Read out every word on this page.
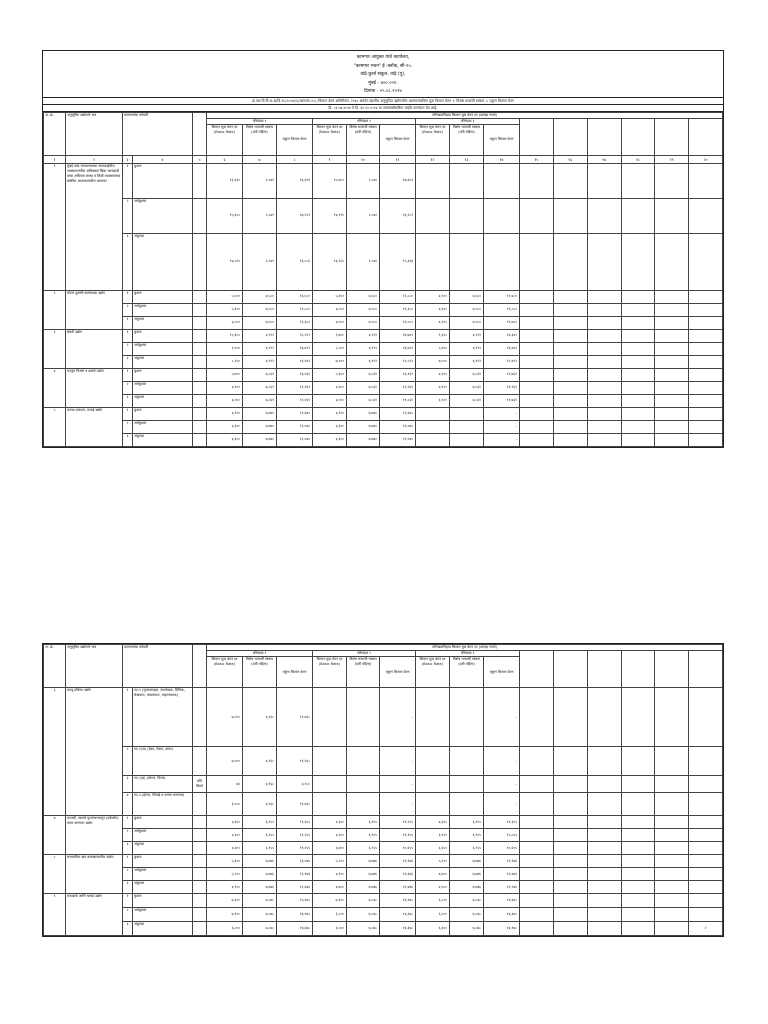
कामगार आयुक्त यांचे कार्यालय,
"कामगार भवन" ई -ब्लॉक, सी-२०,
वांद्रे-कुर्ला संकुल, वांद्रे (पु),
मुंबई - ४०० ०५१.
दिनांक - ०५.०८.२०२४
क्र.एस.वि.वि.भ.अ/वि.भ./२०२४(१)/कामगार-१०/ /किमान वेतन अधिनियम, १९४८ अंतर्गत खालील अनुसूचित उद्योगातील कामगारांकरिता मूळ किमान वेतन + विशेष भत्याची रक्कम = एकूण किमान वेतन
दि. ०१.०७.२०२४ ते दि. ३१.१२.२०२४ या कालावधीकरिता जाहीर करण्यात येत आहे.
अ. क्र.	अनुसूचित उद्योगाचे नाव	कामगारांचा वर्गवारी			परिमंडळनिहाय किमान मूळ वेतन दर (दरमहा रुपये)														
					परिमंडळ १			परिमंडळ २			परिमंडळ ३								
					किमान मूळ वेतन दर (Basic Rate)	विशेष भत्याची रक्कम (प्रती महिना)	एकूण किमान वेतन	किमान मूळ वेतन दर (Basic Rate)	विशेष भत्याची रक्कम (प्रती महिना)	एकूण किमान वेतन	किमान मूळ वेतन दर (Basic Rate)	विशेष भत्याची रक्कम (प्रती महिना)	एकूण किमान वेतन						
१	२	३	४	५	६	७	८	९	१०	११	१२	१३	१४	१५	१६	१७	१८	१९	२०
१	मुंबई उच्च न्यायालयाच्या न्यायकक्षेतील आस्थापनांतील अधिवक्ता किंवा न्यायवादी यांचा अधिपत्य संस्था व किंवी व्यवसायांच्या संबंधित आस्थापनांतील कामगार	१	कुशल		१६,६३०	२,८७१	१६,६११	१५,७८०	२,८७१	१७,६५१									
		२	अर्धकुशल		१५,३५०	२,८७१	१७,२२१	१४,११०	२,८७१	१६,९८१									
		३	अकुशल		१४,०१५	२,८७१	१६,८८६	१३,२६५	२,८७१	१५,३३६									
२	मोटार दुरुस्ती कार्यशाळा उद्योग	१	कुशल		५,५००	७,५८०	१३,०८०	५,३००	७,५८०	१२,८८०	४,९००	७,५८०	१२,४८०						
		२	अर्धकुशल		५,३००	७,५८०	१२,८८०	४,८००	७,५८०	१२,३८०	४,३००	७,५८०	११,८८०						
		३	अकुशल		४,८००	७,५८०	१२,३८०	४,५००	७,५८०	१२,०८०	४,२००	७,५८०	११,७८०						
३	बेकरी उद्योग	१	कुशल		१०,३००	४,९९२	१५,२९२	९,७५०	४,९९२	१४,७४२	९,३५०	४,९९२	१४,३४२						
		२	अर्धकुशल		९,५००	४,९९२	१४,४९२	८,८००	४,९९२	१३,७९२	८,४५०	४,९९२	१३,४४२						
		३	अकुशल		८,२५०	४,९९२	१३,२४२	७,९००	४,९९२	१२,८९२	७,५००	४,९९२	१२,४९२						
४	कापूस पिंजणे व दाबणे उद्योग	१	कुशल		५,७००	७,८६१	१३,५६१	५,३००	७,८६१	१३,१६१	४,९००	७,८६१	१२,७६१						
		२	अर्धकुशल		४,१००	७,८६१	११,९६१	४,४००	७,८६१	१२,२६१	४,१००	७,८६१	११,९६१						
		३	अकुशल		४,२००	७,८६१	१२,०६१	४,०००	७,८६१	११,८६१	३,९००	७,८६१	११,७६१						
५	कागद उत्पादन, छपाई उद्योग	१	कुशल		४,९००	७,७७०	१२,६७०	४,९००	७,७७०	१२,६७०			-						
		२	अर्धकुशल		४,३००	७,७७०	१२,०७०	४,३००	७,७७०	१२,०७०			-						
		३	अकुशल		४,३००	७,७७०	१२,०७०	४,३००	७,७७०	१२,०७०			-						
अ. क्र.	अनुसूचित उद्योगाचे नाव	कामगारांचा वर्गवारी			परिमंडळनिहाय किमान मूळ वेतन दर (दरमहा रुपये)														
					परिमंडळ १			परिमंडळ २			परिमंडळ ३								
					किमान मूळ वेतन दर (Basic Rate)	विशेष भत्याची रक्कम (प्रती महिना)	एकूण किमान वेतन	किमान मूळ वेतन दर (Basic Rate)	विशेष भत्याची रक्कम (प्रती महिना)	एकूण किमान वेतन	किमान मूळ वेतन दर (Basic Rate)	विशेष भत्याची रक्कम (प्रती महिना)	एकूण किमान वेतन						
६	काजू प्रक्रिया उद्योग	१	गट-१ (सुपरवायझर, टंकलेखक, लिपिक, रोखपाल, भांडारपाल, वाहनचालक)		७,५००	४,९६८	१२,४६८			-			-						
		२	गट-२(अ) (ग्रेडर, रोस्टर, डायर)		७,०००	४,९६८	११,९६८			-			-						
		३	गट-२(ब) (सोलर, पिलर)	प्रति किलो	७३	४,९६८	४,९८०			-			-						
		४	गट-३ (हेल्पर, शिपाई व तत्सम कामगार)		६,५००	४,९६८	११,४६८			-			-						
७	कापसी, रबराचे फुटवेअरपासून (वर्कशॉप) तयार करणारा उद्योग	१	कुशल		४,६५०	६,९५५	११,६०५	४,३००	६,९५५	११,२५५	४,३५०	६,९५५	११,३०५						
		२	अर्धकुशल		४,३००	६,९५५	११,२५५	४,२००	६,९५५	११,१५५	३,९००	६,९५५	१०,८५५						
		३	अकुशल		४,३००	६,९५५	११,२५५	३,७००	६,९५५	१०,६५५	३,६५०	६,९५५	१०,६०५						
८	रासायनिक खत कारखान्यातील उद्योग	१	कुशल		५,३००	७,७७६	१३,०७६	५,२००	७,७७६	१२,९७६	५,२००	७,७७६	१२,९७६						
		२	अर्धकुशल		५,२००	७,७७६	१२,९७६	४,९००	७,७७६	१२,६७६	४,७००	७,७७६	१२,४७६						
		३	अकुशल		४,९००	७,७७६	१२,६७६	४,७००	७,७७६	१२,४७६	४,५००	७,७७६	१२,२७६						
९	कापडाचे आणि चामडे उद्योग	१	कुशल		७,३००	७,८७८	१५,१७८	७,१००	७,८७८	१४,९७८	६,८००	७,८७८	१४,६७८						
		२	अर्धकुशल		७,१००	७,८७८	१४,९७८	६,८००	७,८७८	१४,६७८	६,५००	७,८७८	१४,३७८						
		३	अकुशल		६,८००	७,८७८	१४,६७८	६,५००	७,८७८	१४,३७८	६,३००	७,८७८	१४,१७८						२
